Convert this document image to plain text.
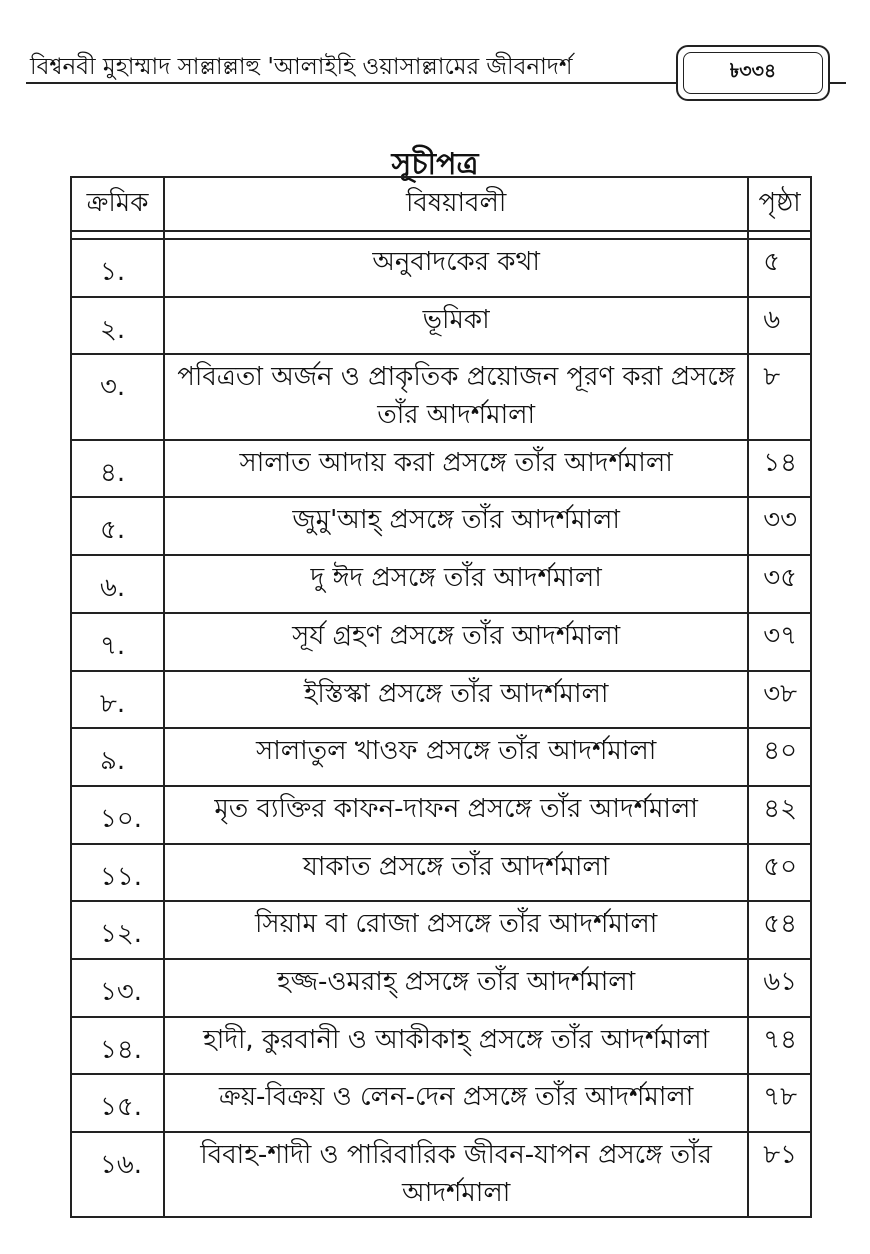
বিশ্বনবী মুহাম্মাদ সাল্লাল্লাহু 'আলাইহি ওয়াসাল্লামের জীবনাদর্শ	৳৩৩৪
সূচীপত্র
ক্রমিক	বিষয়াবলী	পৃষ্ঠা

১.	অনুবাদকের কথা	৫
২.	ভূমিকা	৬
৩.	পবিত্রতা অর্জন ও প্রাকৃতিক প্রয়োজন পূরণ করা প্রসঙ্গে তাঁর আদর্শমালা	৮
৪.	সালাত আদায় করা প্রসঙ্গে তাঁর আদর্শমালা	১৪
৫.	জুমু'আহ্ প্রসঙ্গে তাঁর আদর্শমালা	৩৩
৬.	দু ঈদ প্রসঙ্গে তাঁর আদর্শমালা	৩৫
৭.	সূর্য গ্রহণ প্রসঙ্গে তাঁর আদর্শমালা	৩৭
৮.	ইস্তিস্কা প্রসঙ্গে তাঁর আদর্শমালা	৩৮
৯.	সালাতুল খাওফ প্রসঙ্গে তাঁর আদর্শমালা	৪০
১০.	মৃত ব্যক্তির কাফন-দাফন প্রসঙ্গে তাঁর আদর্শমালা	৪২
১১.	যাকাত প্রসঙ্গে তাঁর আদর্শমালা	৫০
১২.	সিয়াম বা রোজা প্রসঙ্গে তাঁর আদর্শমালা	৫৪
১৩.	হজ্জ-ওমরাহ্ প্রসঙ্গে তাঁর আদর্শমালা	৬১
১৪.	হাদী, কুরবানী ও আকীকাহ্ প্রসঙ্গে তাঁর আদর্শমালা	৭৪
১৫.	ক্রয়-বিক্রয় ও লেন-দেন প্রসঙ্গে তাঁর আদর্শমালা	৭৮
১৬.	বিবাহ-শাদী ও পারিবারিক জীবন-যাপন প্রসঙ্গে তাঁর আদর্শমালা	৮১
